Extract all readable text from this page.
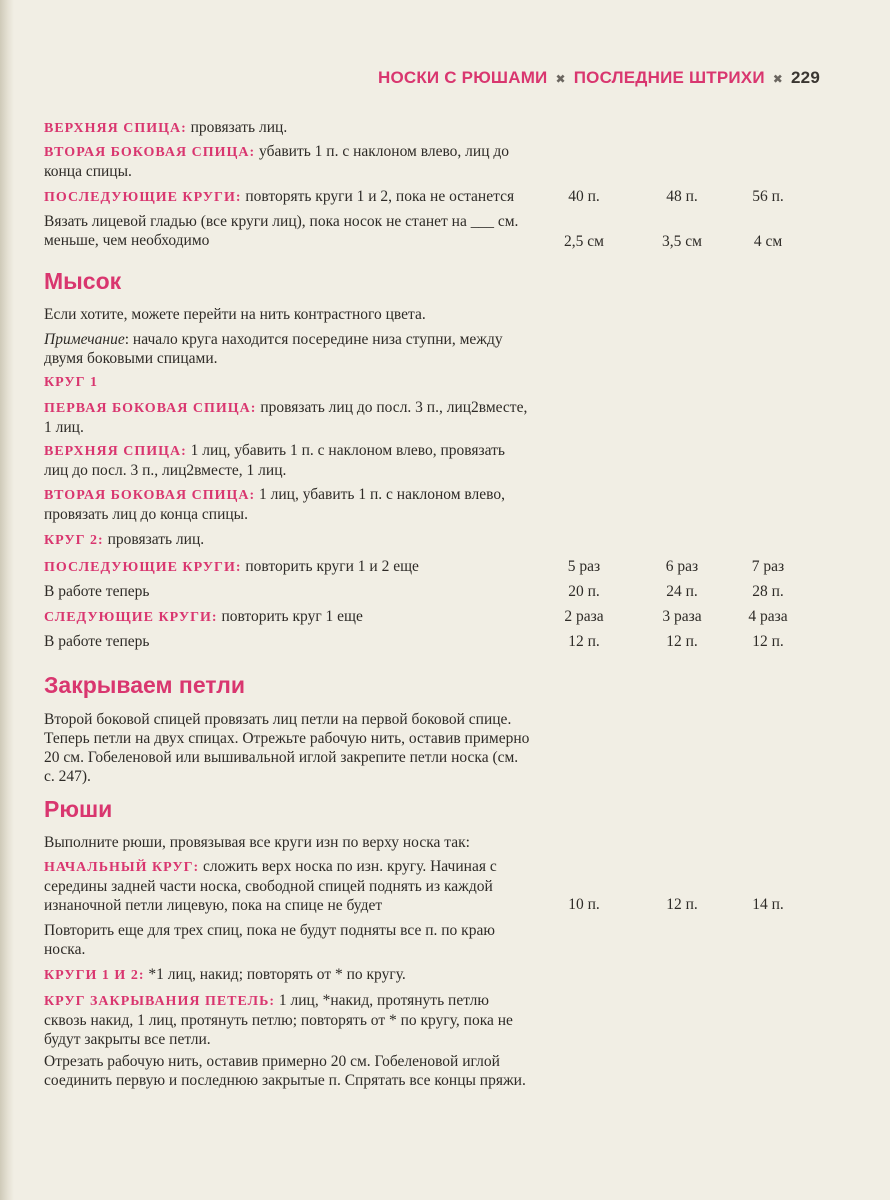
НОСКИ С РЮШАМИ ✖ ПОСЛЕДНИЕ ШТРИХИ ✖ 229
ВЕРХНЯЯ СПИЦА: провязать лиц.
ВТОРАЯ БОКОВАЯ СПИЦА: убавить 1 п. с наклоном влево, лиц до конца спицы.
ПОСЛЕДУЮЩИЕ КРУГИ: повторять круги 1 и 2, пока не останется	40 п.	48 п.	56 п.
Вязать лицевой гладью (все круги лиц), пока носок не станет на ___ см. меньше, чем необходимо	2,5 см	3,5 см	4 см
Мысок
Если хотите, можете перейти на нить контрастного цвета.
Примечание: начало круга находится посередине низа ступни, между двумя боковыми спицами.
КРУГ 1
ПЕРВАЯ БОКОВАЯ СПИЦА: провязать лиц до посл. 3 п., лиц2вместе, 1 лиц.
ВЕРХНЯЯ СПИЦА: 1 лиц, убавить 1 п. с наклоном влево, провязать лиц до посл. 3 п., лиц2вместе, 1 лиц.
ВТОРАЯ БОКОВАЯ СПИЦА: 1 лиц, убавить 1 п. с наклоном влево, провязать лиц до конца спицы.
КРУГ 2: провязать лиц.
ПОСЛЕДУЮЩИЕ КРУГИ: повторить круги 1 и 2 еще	5 раз	6 раз	7 раз
В работе теперь	20 п.	24 п.	28 п.
СЛЕДУЮЩИЕ КРУГИ: повторить круг 1 еще	2 раза	3 раза	4 раза
В работе теперь	12 п.	12 п.	12 п.
Закрываем петли
Второй боковой спицей провязать лиц петли на первой боковой спице. Теперь петли на двух спицах. Отрежьте рабочую нить, оставив примерно 20 см. Гобеленовой или вышивальной иглой закрепите петли носка (см. с. 247).
Рюши
Выполните рюши, провязывая все круги изн по верху носка так:
НАЧАЛЬНЫЙ КРУГ: сложить верх носка по изн. кругу. Начиная с середины задней части носка, свободной спицей поднять из каждой изнаночной петли лицевую, пока на спице не будет	10 п.	12 п.	14 п.
Повторить еще для трех спиц, пока не будут подняты все п. по краю носка.
КРУГИ 1 И 2: *1 лиц, накид; повторять от * по кругу.
КРУГ ЗАКРЫВАНИЯ ПЕТЕЛЬ: 1 лиц, *накид, протянуть петлю сквозь накид, 1 лиц, протянуть петлю; повторять от * по кругу, пока не будут закрыты все петли.
Отрезать рабочую нить, оставив примерно 20 см. Гобеленовой иглой соединить первую и последнюю закрытые п. Спрятать все концы пряжи.
